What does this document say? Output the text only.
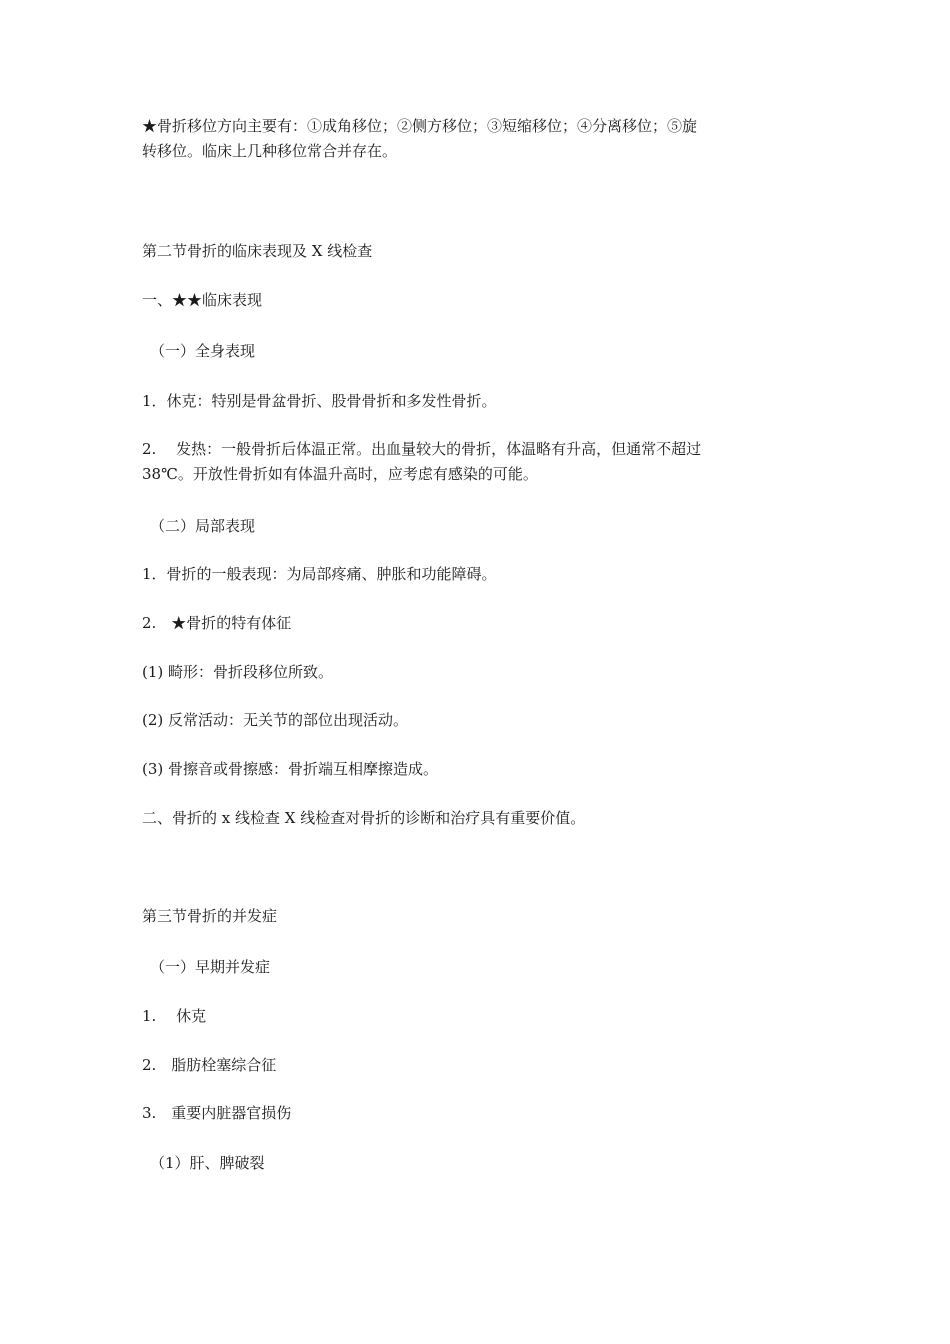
★骨折移位方向主要有：①成角移位；②侧方移位；③短缩移位；④分离移位；⑤旋
转移位。临床上几种移位常合并存在。
第二节骨折的临床表现及 X 线检查
一、★★临床表现
（一）全身表现
1．休克：特别是骨盆骨折、股骨骨折和多发性骨折。
2.　 发热：一般骨折后体温正常。出血量较大的骨折，体温略有升高，但通常不超过
38℃。开放性骨折如有体温升高时，应考虑有感染的可能。
（二）局部表现
1．骨折的一般表现：为局部疼痛、肿胀和功能障碍。
2.　★骨折的特有体征
(1) 畸形：骨折段移位所致。
(2) 反常活动：无关节的部位出现活动。
(3) 骨擦音或骨擦感：骨折端互相摩擦造成。
二、骨折的 x 线检查 X 线检查对骨折的诊断和治疗具有重要价值。
第三节骨折的并发症
（一）早期并发症
1.　 休克
2.　脂肪栓塞综合征
3.　重要内脏器官损伤
（1）肝、脾破裂
